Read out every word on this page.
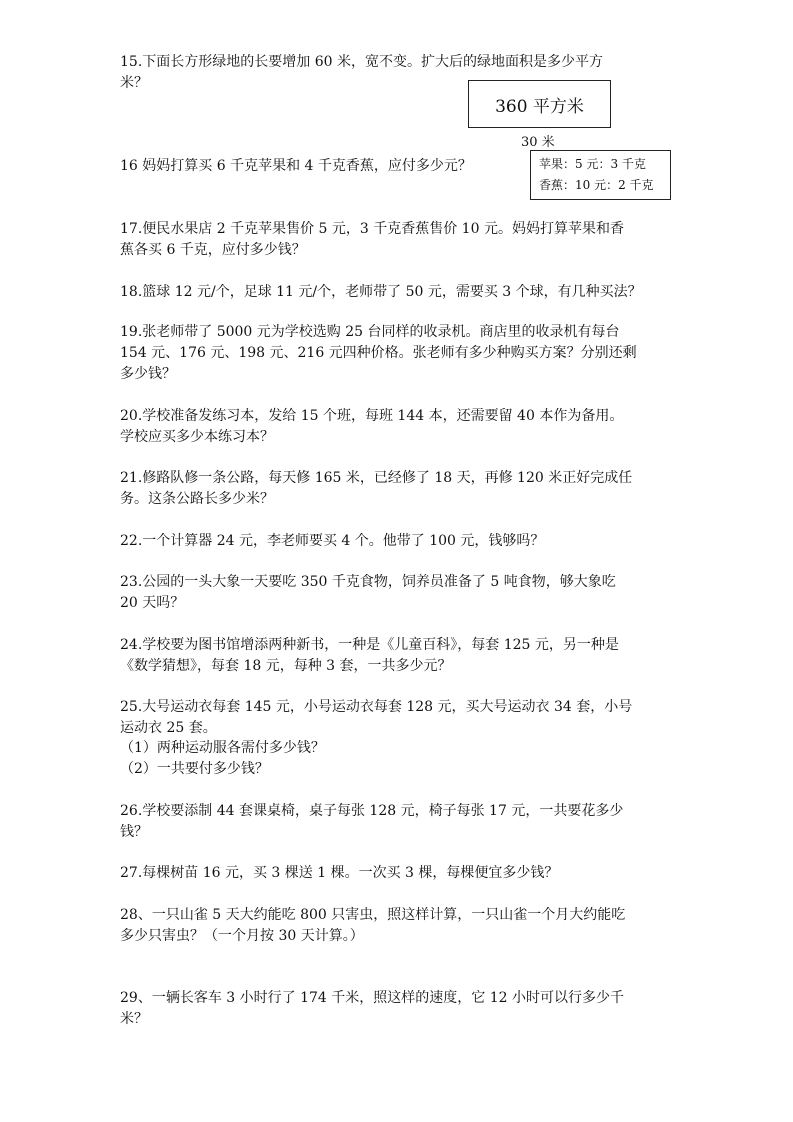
15.下面长方形绿地的长要增加 60 米，宽不变。扩大后的绿地面积是多少平方
米？
360 平方米
30 米
16 妈妈打算买 6 千克苹果和 4 千克香蕉，应付多少元？	苹果：5 元：3 千克
香蕉：10 元：2 千克
17.便民水果店 2 千克苹果售价 5 元，3 千克香蕉售价 10 元。妈妈打算苹果和香
蕉各买 6 千克，应付多少钱？
18.篮球 12 元/个，足球 11 元/个，老师带了 50 元，需要买 3 个球，有几种买法？
19.张老师带了 5000 元为学校选购 25 台同样的收录机。商店里的收录机有每台
154 元、176 元、198 元、216 元四种价格。张老师有多少种购买方案？分别还剩
多少钱？
20.学校准备发练习本，发给 15 个班，每班 144 本，还需要留 40 本作为备用。
学校应买多少本练习本？
21.修路队修一条公路，每天修 165 米，已经修了 18 天，再修 120 米正好完成任
务。这条公路长多少米？
22.一个计算器 24 元，李老师要买 4 个。他带了 100 元，钱够吗？
23.公园的一头大象一天要吃 350 千克食物，饲养员准备了 5 吨食物，够大象吃
20 天吗？
24.学校要为图书馆增添两种新书，一种是《儿童百科》，每套 125 元，另一种是
《数学猜想》，每套 18 元，每种 3 套，一共多少元？
25.大号运动衣每套 145 元，小号运动衣每套 128 元，买大号运动衣 34 套，小号
运动衣 25 套。
（1）两种运动服各需付多少钱？
（2）一共要付多少钱？
26.学校要添制 44 套课桌椅，桌子每张 128 元，椅子每张 17 元，一共要花多少
钱？
27.每棵树苗 16 元，买 3 棵送 1 棵。一次买 3 棵，每棵便宜多少钱？
28、一只山雀 5 天大约能吃 800 只害虫，照这样计算，一只山雀一个月大约能吃
多少只害虫？（一个月按 30 天计算。）
29、一辆长客车 3 小时行了 174 千米，照这样的速度，它 12 小时可以行多少千
米？
